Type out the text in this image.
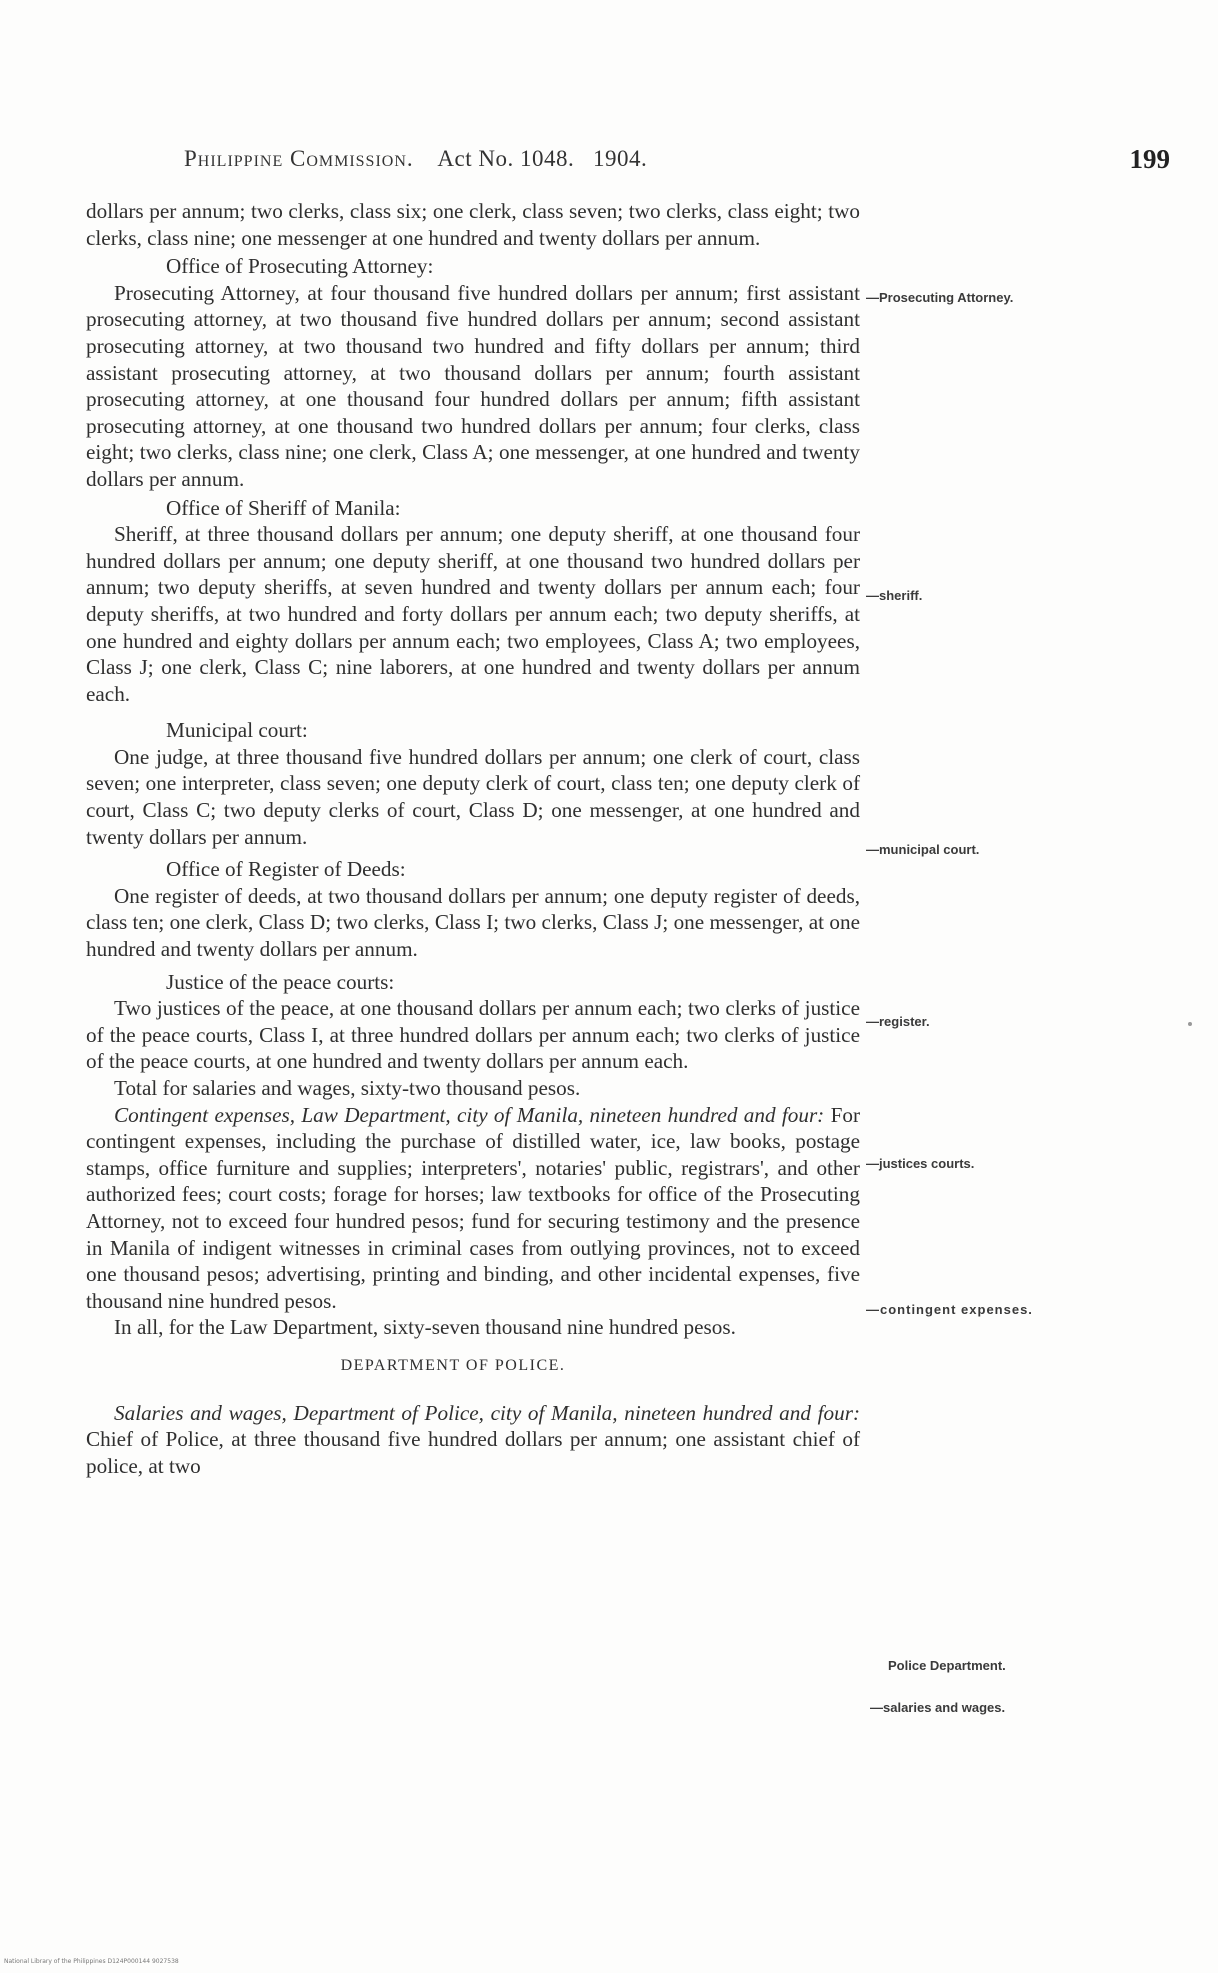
Philippine Commission. Act No. 1048. 1904.	199

dollars per annum; two clerks, class six; one clerk, class seven; two clerks, class eight; two clerks, class nine; one messenger at one hundred and twenty dollars per annum.

Office of Prosecuting Attorney:

Prosecuting Attorney, at four thousand five hundred dollars per annum; first assistant prosecuting attorney, at two thousand five hundred dollars per annum; second assistant prosecuting attorney, at two thousand two hundred and fifty dollars per annum; third assistant prosecuting attorney, at two thousand dollars per annum; fourth assistant prosecuting attorney, at one thousand four hundred dollars per annum; fifth assistant prosecuting attorney, at one thousand two hundred dollars per annum; four clerks, class eight; two clerks, class nine; one clerk, Class A; one messenger, at one hundred and twenty dollars per annum.

Office of Sheriff of Manila:

Sheriff, at three thousand dollars per annum; one deputy sheriff, at one thousand four hundred dollars per annum; one deputy sheriff, at one thousand two hundred dollars per annum; two deputy sheriffs, at seven hundred and twenty dollars per annum each; four deputy sheriffs, at two hundred and forty dollars per annum each; two deputy sheriffs, at one hundred and eighty dollars per annum each; two employees, Class A; two employees, Class J; one clerk, Class C; nine laborers, at one hundred and twenty dollars per annum each.

Municipal court:

One judge, at three thousand five hundred dollars per annum; one clerk of court, class seven; one interpreter, class seven; one deputy clerk of court, class ten; one deputy clerk of court, Class C; two deputy clerks of court, Class D; one messenger, at one hundred and twenty dollars per annum.

Office of Register of Deeds:

One register of deeds, at two thousand dollars per annum; one deputy register of deeds, class ten; one clerk, Class D; two clerks, Class I; two clerks, Class J; one messenger, at one hundred and twenty dollars per annum.

Justice of the peace courts:

Two justices of the peace, at one thousand dollars per annum each; two clerks of justice of the peace courts, Class I, at three hundred dollars per annum each; two clerks of justice of the peace courts, at one hundred and twenty dollars per annum each.

Total for salaries and wages, sixty-two thousand pesos.

Contingent expenses, Law Department, city of Manila, nineteen hundred and four: For contingent expenses, including the purchase of distilled water, ice, law books, postage stamps, office furniture and supplies; interpreters', notaries' public, registrars', and other authorized fees; court costs; forage for horses; law textbooks for office of the Prosecuting Attorney, not to exceed four hundred pesos; fund for securing testimony and the presence in Manila of indigent witnesses in criminal cases from outlying provinces, not to exceed one thousand pesos; advertising, printing and binding, and other incidental expenses, five thousand nine hundred pesos.

In all, for the Law Department, sixty-seven thousand nine hundred pesos.

DEPARTMENT OF POLICE.

Salaries and wages, Department of Police, city of Manila, nineteen hundred and four: Chief of Police, at three thousand five hundred dollars per annum; one assistant chief of police, at two

—Prosecuting Attorney.
—sheriff.
—municipal court.
—register.
—justices courts.
—contingent expenses.
Police Department.
—salaries and wages.
National Library of the Philippines D124P000144 9027538
